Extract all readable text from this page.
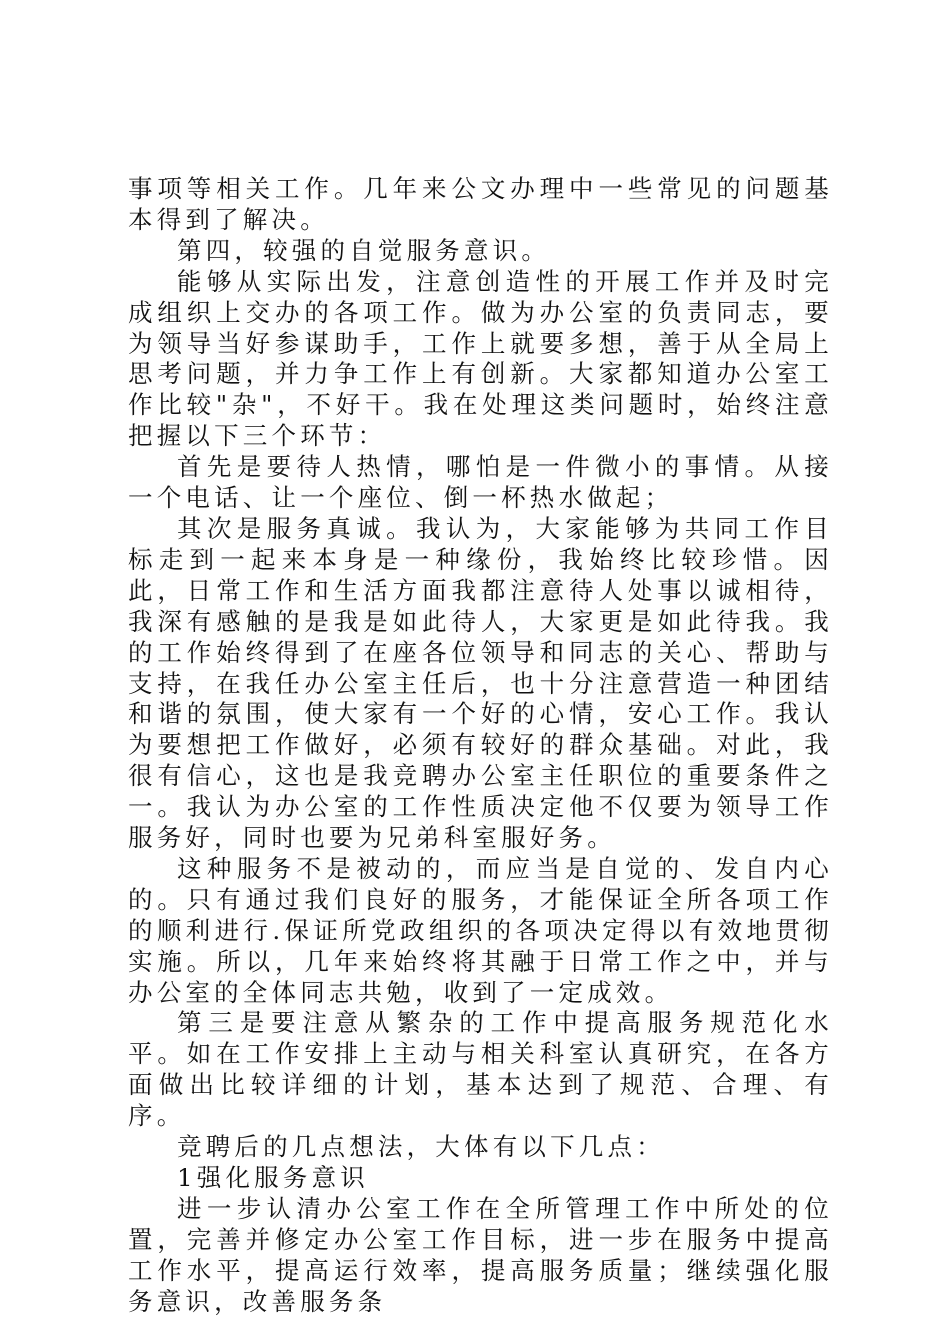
事项等相关工作。几年来公文办理中一些常见的问题基本得到了解决。

第四，较强的自觉服务意识。

能够从实际出发，注意创造性的开展工作并及时完成组织上交办的各项工作。做为办公室的负责同志，要为领导当好参谋助手，工作上就要多想，善于从全局上思考问题，并力争工作上有创新。大家都知道办公室工作比较"杂"，不好干。我在处理这类问题时，始终注意把握以下三个环节：

首先是要待人热情，哪怕是一件微小的事情。从接一个电话、让一个座位、倒一杯热水做起；

其次是服务真诚。我认为，大家能够为共同工作目标走到一起来本身是一种缘份，我始终比较珍惜。因此，日常工作和生活方面我都注意待人处事以诚相待，我深有感触的是我是如此待人，大家更是如此待我。我的工作始终得到了在座各位领导和同志的关心、帮助与支持，在我任办公室主任后，也十分注意营造一种团结和谐的氛围，使大家有一个好的心情，安心工作。我认为要想把工作做好，必须有较好的群众基础。对此，我很有信心，这也是我竞聘办公室主任职位的重要条件之一。我认为办公室的工作性质决定他不仅要为领导工作服务好，同时也要为兄弟科室服好务。

这种服务不是被动的，而应当是自觉的、发自内心的。只有通过我们良好的服务，才能保证全所各项工作的顺利进行.保证所党政组织的各项决定得以有效地贯彻实施。所以，几年来始终将其融于日常工作之中，并与办公室的全体同志共勉，收到了一定成效。

第三是要注意从繁杂的工作中提高服务规范化水平。如在工作安排上主动与相关科室认真研究，在各方面做出比较详细的计划，基本达到了规范、合理、有序。

竞聘后的几点想法，大体有以下几点：

1强化服务意识

进一步认清办公室工作在全所管理工作中所处的位置，完善并修定办公室工作目标，进一步在服务中提高工作水平，提高运行效率，提高服务质量；继续强化服务意识，改善服务条
